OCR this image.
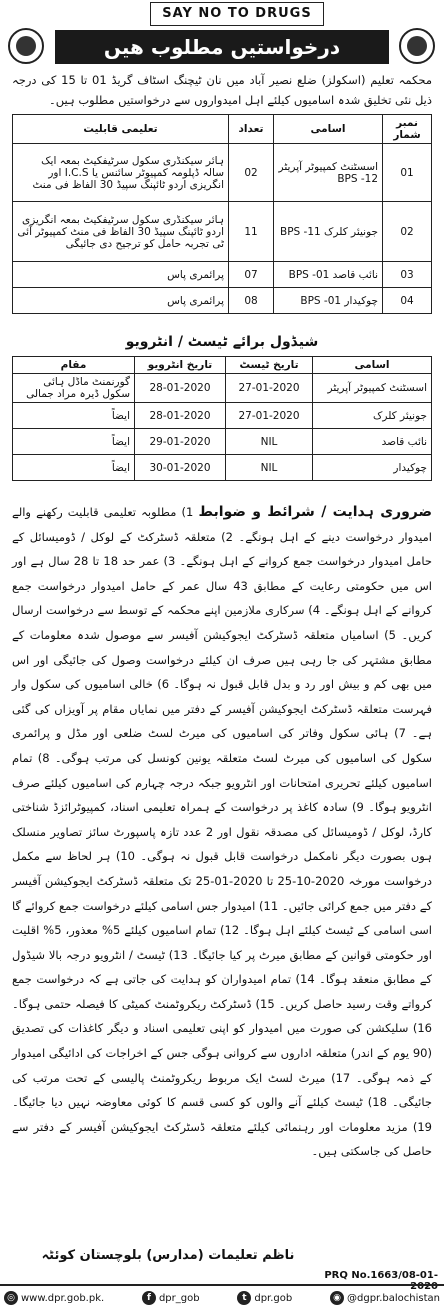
SAY NO TO DRUGS
درخواستیں مطلوب ھیں
محکمہ تعلیم (اسکولز) ضلع نصیر آباد میں نان ٹیچنگ اسٹاف گریڈ 01 تا 15 کی درجہ ذیل نئی تخلیق شدہ اسامیوں کیلئے اہل امیدواروں سے درخواستیں مطلوب ہیں۔
نمبر شمار	اسامی	تعداد	تعلیمی قابلیت
01	اسسٹنٹ کمپیوٹر آپریٹر BPS -12	02	ہائر سیکنڈری سکول سرٹیفکیٹ بمعہ ایک سالہ ڈپلومہ کمپیوٹر سائنس یا I.C.S اور انگریزی اردو ٹائپنگ سپیڈ 30 الفاظ فی منٹ
02	جونیئر کلرک BPS -11	11	ہائر سیکنڈری سکول سرٹیفکیٹ بمعہ انگریزی اردو ٹائپنگ سپیڈ 30 الفاظ فی منٹ کمپیوٹر آئی ٹی تجربہ حامل کو ترجیح دی جائیگی
03	نائب قاصد BPS -01	07	پرائمری پاس
04	چوکیدار BPS -01	08	پرائمری پاس
شیڈول برائے ٹیسٹ / انٹرویو
اسامی	تاریخ ٹیسٹ	تاریخ انٹرویو	مقام
اسسٹنٹ کمپیوٹر آپریٹر	27-01-2020	28-01-2020	گورنمنٹ ماڈل ہائی سکول ڈیرہ مراد جمالی
جونیئر کلرک	27-01-2020	28-01-2020	ایضاً
نائب قاصد	NIL	29-01-2020	ایضاً
چوکیدار	NIL	30-01-2020	ایضاً
ضروری ہدایت / شرائط و ضوابط 1) مطلوبہ تعلیمی قابلیت رکھنے والے امیدوار درخواست دینے کے اہل ہونگے۔ 2) متعلقہ ڈسٹرکٹ کے لوکل / ڈومیسائل کے حامل امیدوار درخواست جمع کروانے کے اہل ہونگے۔ 3) عمر حد 18 تا 28 سال ہے اور اس میں حکومتی رعایت کے مطابق 43 سال عمر کے حامل امیدوار درخواست جمع کروانے کے اہل ہونگے۔ 4) سرکاری ملازمین اپنے محکمہ کے توسط سے درخواست ارسال کریں۔ 5) اسامیاں متعلقہ ڈسٹرکٹ ایجوکیشن آفیسر سے موصول شدہ معلومات کے مطابق مشتہر کی جا رہی ہیں صرف ان کیلئے درخواست وصول کی جائیگی اور اس میں بھی کم و بیش اور رد و بدل قابل قبول نہ ہوگا۔ 6) خالی اسامیوں کی سکول وار فہرست متعلقہ ڈسٹرکٹ ایجوکیشن آفیسر کے دفتر میں نمایاں مقام پر آویزاں کی گئی ہے۔ 7) ہائی سکول وفاتر کی اسامیوں کی میرٹ لسٹ ضلعی اور مڈل و پرائمری سکول کی اسامیوں کی میرٹ لسٹ متعلقہ یونین کونسل کی مرتب ہوگی۔ 8) تمام اسامیوں کیلئے تحریری امتحانات اور انٹرویو جبکہ درجہ چہارم کی اسامیوں کیلئے صرف انٹرویو ہوگا۔ 9) سادہ کاغذ پر درخواست کے ہمراہ تعلیمی اسناد، کمپیوٹرائزڈ شناختی کارڈ، لوکل / ڈومیسائل کی مصدقہ نقول اور 2 عدد تازہ پاسپورٹ سائز تصاویر منسلک ہوں بصورت دیگر نامکمل درخواست قابل قبول نہ ہوگی۔ 10) ہر لحاظ سے مکمل درخواست مورخہ 2020-10-25 تا 2020-01-25 تک متعلقہ ڈسٹرکٹ ایجوکیشن آفیسر کے دفتر میں جمع کرائی جائیں۔ 11) امیدوار جس اسامی کیلئے درخواست جمع کروائے گا اسی اسامی کے ٹیسٹ کیلئے اہل ہوگا۔ 12) تمام اسامیوں کیلئے 5% معذور، 5% اقلیت اور حکومتی قوانین کے مطابق میرٹ پر کیا جائیگا۔ 13) ٹیسٹ / انٹرویو درجہ بالا شیڈول کے مطابق منعقد ہوگا۔ 14) تمام امیدواران کو ہدایت کی جاتی ہے کہ درخواست جمع کرواتے وقت رسید حاصل کریں۔ 15) ڈسٹرکٹ ریکروٹمنٹ کمیٹی کا فیصلہ حتمی ہوگا۔ 16) سلیکشن کی صورت میں امیدوار کو اپنی تعلیمی اسناد و دیگر کاغذات کی تصدیق (90 یوم کے اندر) متعلقہ اداروں سے کروانی ہوگی جس کے اخراجات کی ادائیگی امیدوار کے ذمہ ہوگی۔ 17) میرٹ لسٹ ایک مربوط ریکروٹمنٹ پالیسی کے تحت مرتب کی جائیگی۔ 18) ٹیسٹ کیلئے آنے والوں کو کسی قسم کا کوئی معاوضہ نہیں دیا جائیگا۔ 19) مزید معلومات اور رہنمائی کیلئے متعلقہ ڈسٹرکٹ ایجوکیشن آفیسر کے دفتر سے حاصل کی جاسکتی ہیں۔
ناظم تعلیمات (مدارس) بلوچستان کوئٹہ
PRQ No.1663/08-01-2020
◎ www.dpr.gob.pk.	f dpr_gob	t dpr.gob	◉ @dgpr.balochistan
